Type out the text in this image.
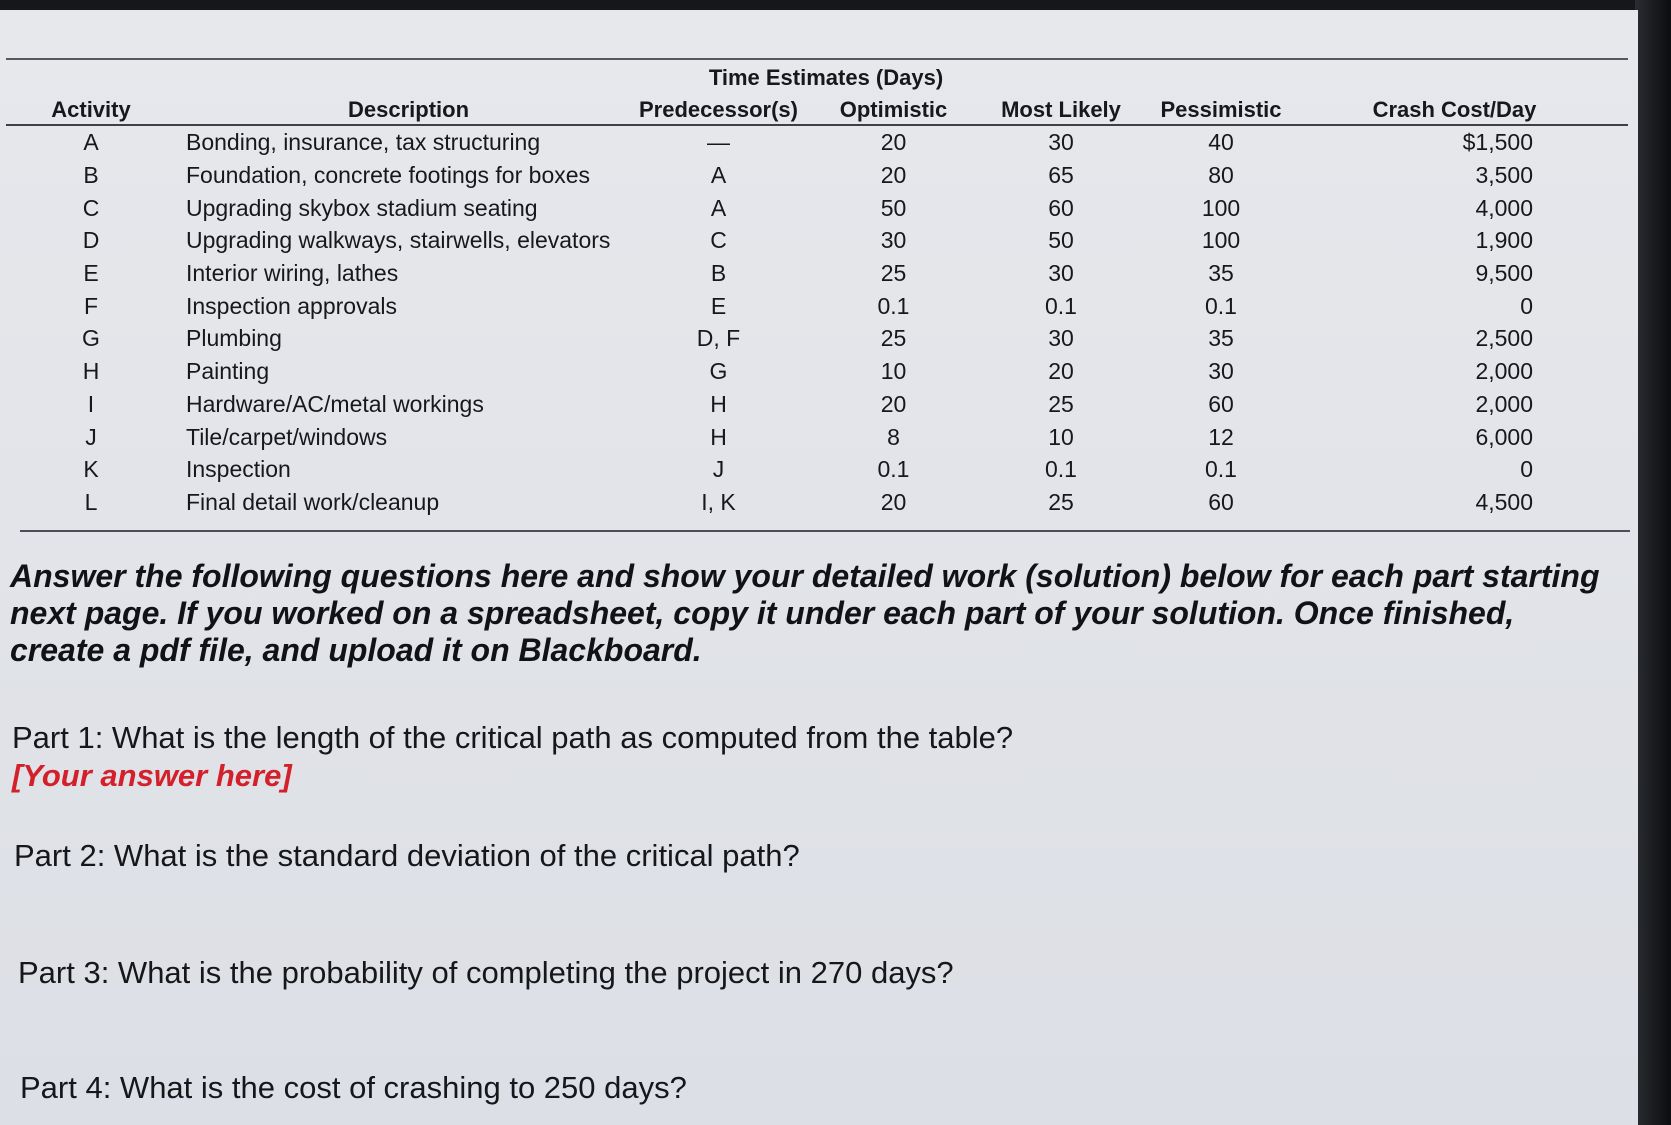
		Time Estimates (Days)				
Activity	Description	Predecessor(s)	Optimistic	Most Likely	Pessimistic	Crash Cost/Day
A	Bonding, insurance, tax structuring	—	20	30	40	$1,500
B	Foundation, concrete footings for boxes	A	20	65	80	3,500
C	Upgrading skybox stadium seating	A	50	60	100	4,000
D	Upgrading walkways, stairwells, elevators	C	30	50	100	1,900
E	Interior wiring, lathes	B	25	30	35	9,500
F	Inspection approvals	E	0.1	0.1	0.1	0
G	Plumbing	D, F	25	30	35	2,500
H	Painting	G	10	20	30	2,000
I	Hardware/AC/metal workings	H	20	25	60	2,000
J	Tile/carpet/windows	H	8	10	12	6,000
K	Inspection	J	0.1	0.1	0.1	0
L	Final detail work/cleanup	I, K	20	25	60	4,500

Answer the following questions here and show your detailed work (solution) below for each part starting next page. If you worked on a spreadsheet, copy it under each part of your solution. Once finished, create a pdf file, and upload it on Blackboard.

Part 1: What is the length of the critical path as computed from the table?

[Your answer here]

Part 2: What is the standard deviation of the critical path?

Part 3: What is the probability of completing the project in 270 days?

Part 4: What is the cost of crashing to 250 days?
